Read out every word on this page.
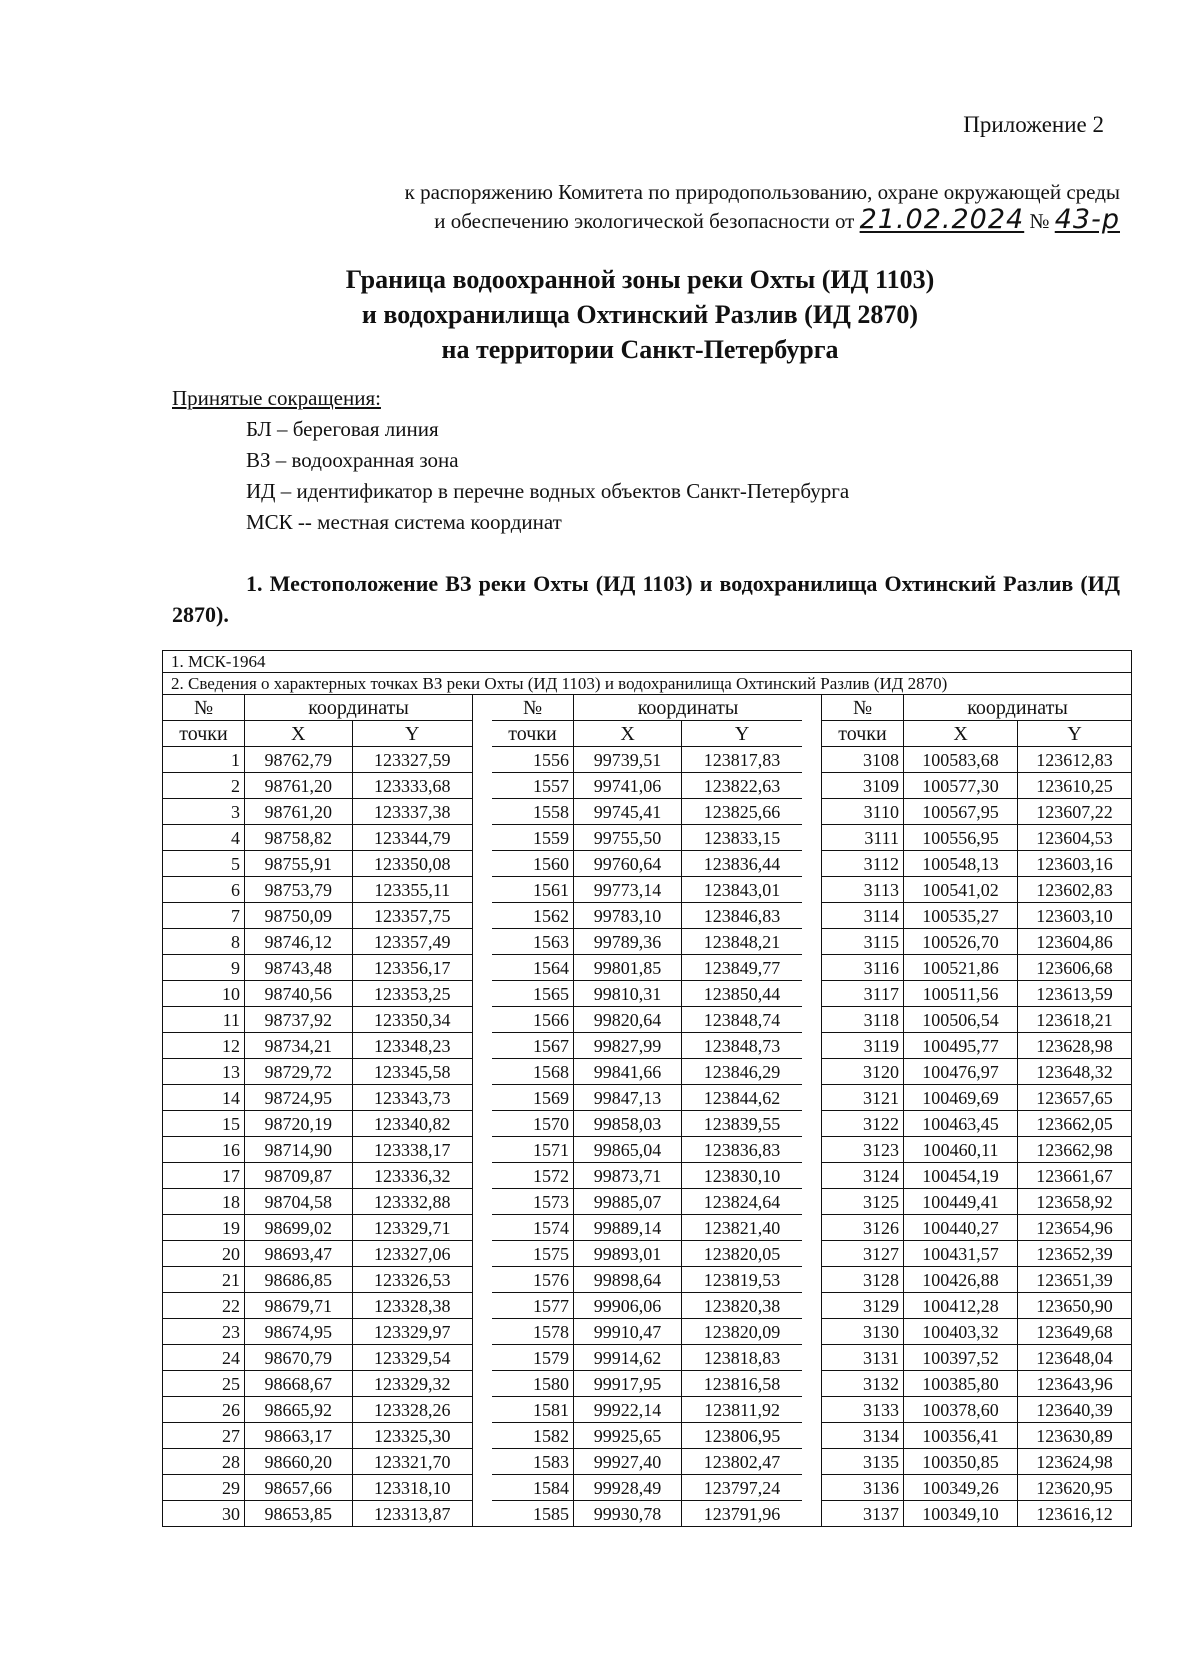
Приложение 2
к распоряжению Комитета по природопользованию, охране окружающей среды
и обеспечению экологической безопасности от 21.02.2024 № 43-р
Граница водоохранной зоны реки Охты (ИД 1103)
и водохранилища Охтинский Разлив (ИД 2870)
на территории Санкт-Петербурга
Принятые сокращения:
БЛ – береговая линия
ВЗ – водоохранная зона
ИД – идентификатор в перечне водных объектов Санкт-Петербурга
МСК -- местная система координат
1. Местоположение ВЗ реки Охты (ИД 1103) и водохранилища Охтинский Разлив (ИД 2870).
1. МСК-1964
2. Сведения о характерных точках ВЗ реки Охты (ИД 1103) и водохранилища Охтинский Разлив (ИД 2870)
№	координаты	
точки	X	Y
1	98762,79	123327,59
2	98761,20	123333,68
3	98761,20	123337,38
4	98758,82	123344,79
5	98755,91	123350,08
6	98753,79	123355,11
7	98750,09	123357,75
8	98746,12	123357,49
9	98743,48	123356,17
10	98740,56	123353,25
11	98737,92	123350,34
12	98734,21	123348,23
13	98729,72	123345,58
14	98724,95	123343,73
15	98720,19	123340,82
16	98714,90	123338,17
17	98709,87	123336,32
18	98704,58	123332,88
19	98699,02	123329,71
20	98693,47	123327,06
21	98686,85	123326,53
22	98679,71	123328,38
23	98674,95	123329,97
24	98670,79	123329,54
25	98668,67	123329,32
26	98665,92	123328,26
27	98663,17	123325,30
28	98660,20	123321,70
29	98657,66	123318,10
30	98653,85	123313,87
№	координаты	
точки	X	Y
1556	99739,51	123817,83
1557	99741,06	123822,63
1558	99745,41	123825,66
1559	99755,50	123833,15
1560	99760,64	123836,44
1561	99773,14	123843,01
1562	99783,10	123846,83
1563	99789,36	123848,21
1564	99801,85	123849,77
1565	99810,31	123850,44
1566	99820,64	123848,74
1567	99827,99	123848,73
1568	99841,66	123846,29
1569	99847,13	123844,62
1570	99858,03	123839,55
1571	99865,04	123836,83
1572	99873,71	123830,10
1573	99885,07	123824,64
1574	99889,14	123821,40
1575	99893,01	123820,05
1576	99898,64	123819,53
1577	99906,06	123820,38
1578	99910,47	123820,09
1579	99914,62	123818,83
1580	99917,95	123816,58
1581	99922,14	123811,92
1582	99925,65	123806,95
1583	99927,40	123802,47
1584	99928,49	123797,24
1585	99930,78	123791,96
№	координаты	
точки	X	Y
3108	100583,68	123612,83
3109	100577,30	123610,25
3110	100567,95	123607,22
3111	100556,95	123604,53
3112	100548,13	123603,16
3113	100541,02	123602,83
3114	100535,27	123603,10
3115	100526,70	123604,86
3116	100521,86	123606,68
3117	100511,56	123613,59
3118	100506,54	123618,21
3119	100495,77	123628,98
3120	100476,97	123648,32
3121	100469,69	123657,65
3122	100463,45	123662,05
3123	100460,11	123662,98
3124	100454,19	123661,67
3125	100449,41	123658,92
3126	100440,27	123654,96
3127	100431,57	123652,39
3128	100426,88	123651,39
3129	100412,28	123650,90
3130	100403,32	123649,68
3131	100397,52	123648,04
3132	100385,80	123643,96
3133	100378,60	123640,39
3134	100356,41	123630,89
3135	100350,85	123624,98
3136	100349,26	123620,95
3137	100349,10	123616,12
